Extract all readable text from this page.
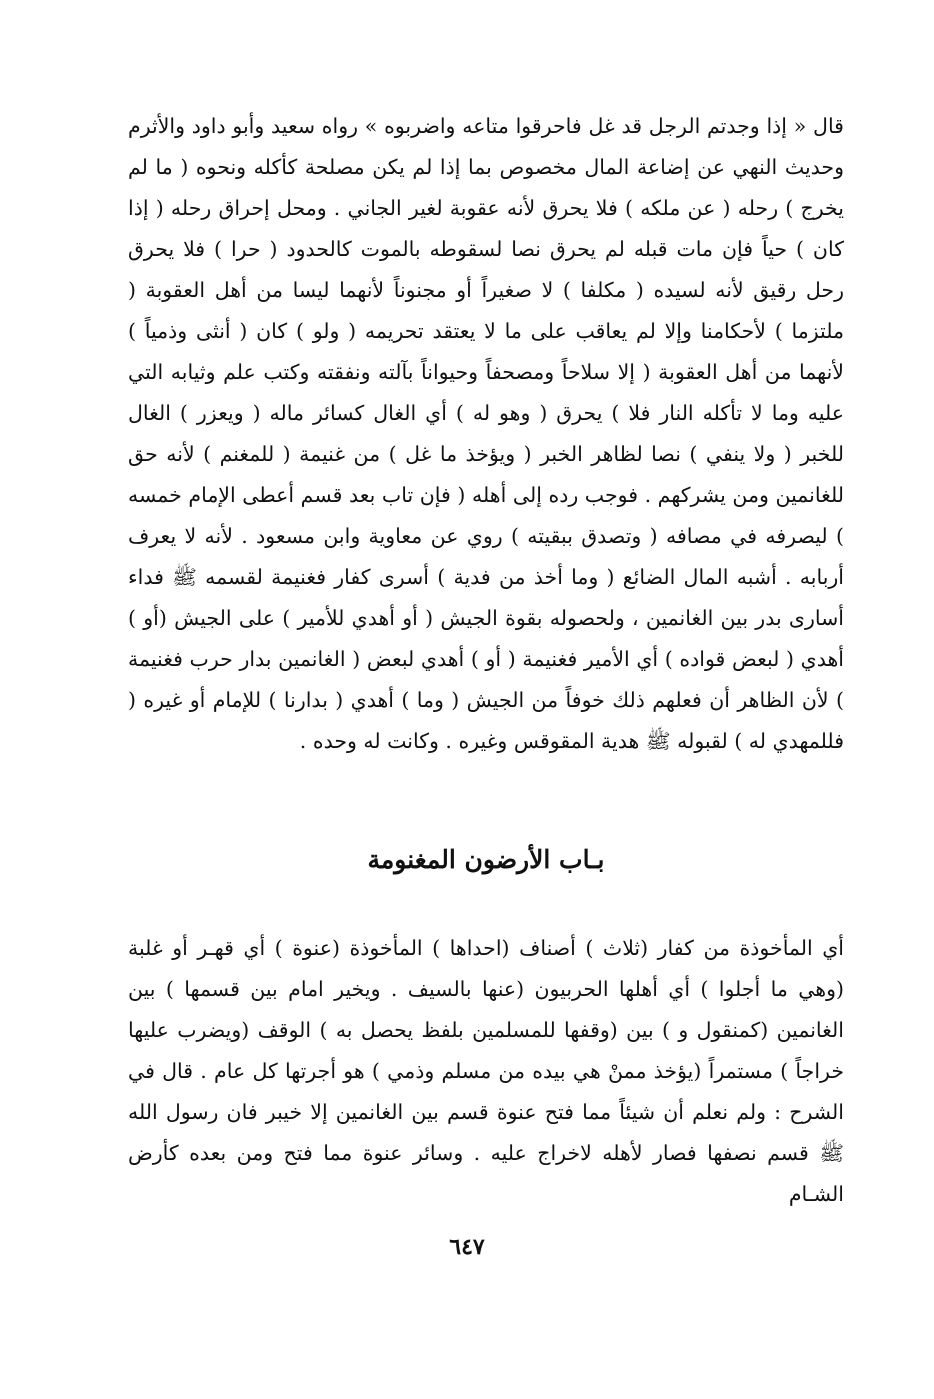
قال « إذا وجدتم الرجل قد غل فاحرقوا متاعه واضربوه » رواه سعيد وأبو داود والأثرم وحديث النهي عن إضاعة المال مخصوص بما إذا لم يكن مصلحة كأكله ونحوه ( ما لم يخرج ) رحله ( عن ملكه ) فلا يحرق لأنه عقوبة لغير الجاني . ومحل إحراق رحله ( إذا كان ) حياً فإن مات قبله لم يحرق نصا لسقوطه بالموت كالحدود ( حرا ) فلا يحرق رحل رقيق لأنه لسيده ( مكلفا ) لا صغيراً أو مجنوناً لأنهما ليسا من أهل العقوبة ( ملتزما ) لأحكامنا وإلا لم يعاقب على ما لا يعتقد تحريمه ( ولو ) كان ( أنثى وذمياً ) لأنهما من أهل العقوبة ( إلا سلاحاً ومصحفاً وحيواناً بآلته ونفقته وكتب علم وثيابه التي عليه وما لا تأكله النار فلا ) يحرق ( وهو له ) أي الغال كسائر ماله ( ويعزر ) الغال للخبر ( ولا ينفي ) نصا لظاهر الخبر ( ويؤخذ ما غل ) من غنيمة ( للمغنم ) لأنه حق للغانمين ومن يشركهم . فوجب رده إلى أهله ( فإن تاب بعد قسم أعطى الإمام خمسه ) ليصرفه في مصافه ( وتصدق ببقيته ) روي عن معاوية وابن مسعود . لأنه لا يعرف أربابه . أشبه المال الضائع ( وما أخذ من فدية ) أسرى كفار فغنيمة لقسمه ﷺ فداء أسارى بدر بين الغانمين ، ولحصوله بقوة الجيش ( أو أهدي للأمير ) على الجيش (أو ) أهدي ( لبعض قواده ) أي الأمير فغنيمة ( أو ) أهدي لبعض ( الغانمين بدار حرب فغنيمة ) لأن الظاهر أن فعلهم ذلك خوفاً من الجيش ( وما ) أهدي ( بدارنا ) للإمام أو غيره ( فللمهدي له ) لقبوله ﷺ هدية المقوقس وغيره . وكانت له وحده .

بـاب الأرضون المغنومة

أي المأخوذة من كفار (ثلاث ) أصناف (احداها ) المأخوذة (عنوة ) أي قهـر أو غلبة (وهي ما أجلوا ) أي أهلها الحربيون (عنها بالسيف . ويخير امام بين قسمها ) بين الغانمين (كمنقول و ) بين (وقفها للمسلمين بلفظ يحصل به ) الوقف (ويضرب عليها خراجاً ) مستمراً (يؤخذ ممنْ هي بيده من مسلم وذمي ) هو أجرتها كل عام . قال في الشرح : ولم نعلم أن شيئاً مما فتح عنوة قسم بين الغانمين إلا خيبر فان رسول الله ﷺ قسم نصفها فصار لأهله لاخراج عليه . وسائر عنوة مما فتح ومن بعده كأرض الشـام

٦٤٧
